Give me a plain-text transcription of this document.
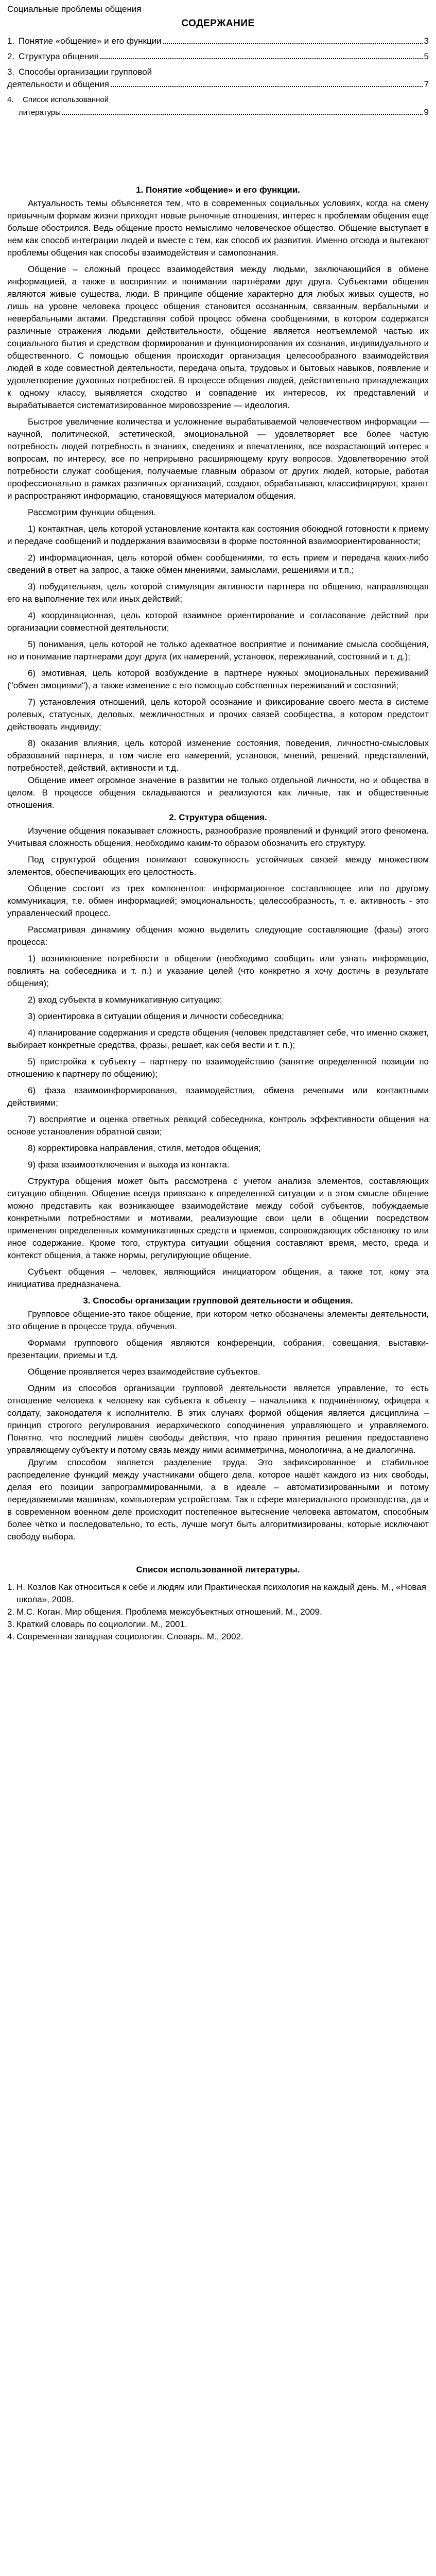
Социальные проблемы общения
СОДЕРЖАНИЕ
1. Понятие «общение» и его функции	3
2. Структура общения	5
3. Способы организации групповой
деятельности и общения	7
4.	Список использованной
литературы	9
1. Понятие «общение» и его функции.

Актуальность темы объясняется тем, что в современных социальных условиях, когда на смену привычным формам жизни приходят новые рыночные отношения, интерес к проблемам общения еще больше обострился. Ведь общение просто немыслимо человеческое общество. Общение выступает в нем как способ интеграции людей и вместе с тем, как способ их развития. Именно отсюда и вытекают проблемы общения как способы взаимодействия и самопознания.

Общение – сложный процесс взаимодействия между людьми, заключающийся в обмене информацией, а также в восприятии и понимании партнёрами друг друга. Субъектами общения являются живые существа, люди. В принципе общение характерно для любых живых существ, но лишь на уровне человека процесс общения становится осознанным, связанным вербальными и невербальными актами. Представляя собой процесс обмена сообщениями, в котором содержатся различные отражения людьми действительности, общение является неотъемлемой частью их социального бытия и средством формирования и функционирования их сознания, индивидуального и общественного. С помощью общения происходит организация целесообразного взаимодействия людей в ходе совместной деятельности, передача опыта, трудовых и бытовых навыков, появление и удовлетворение духовных потребностей. В процессе общения людей, действительно принадлежащих к одному классу, выявляется сходство и совпадение их интересов, их представлений и вырабатывается систематизированное мировоззрение — идеология.

Быстрое увеличение количества и усложнение вырабатываемой человечеством информации — научной, политической, эстетической, эмоциональной — удовлетворяет все более частую потребность людей потребность в знаниях, сведениях и впечатлениях, все возрастающий интерес к вопросам, по интересу, все по неприрывно расширяющему кругу вопросов. Удовлетворению этой потребности служат сообщения, получаемые главным образом от других людей, которые, работая профессионально в рамках различных организаций, создают, обрабатывают, классифицируют, хранят и распространяют информацию, становящуюся материалом общения.

Рассмотрим функции общения.

1) контактная, цель которой установление контакта как состояния обоюдной готовности к приему и передаче сообщений и поддержания взаимосвязи в форме постоянной взаимоориентированности;

2) информационная, цель которой обмен сообщениями, то есть прием и передача каких-либо сведений в ответ на запрос, а также обмен мнениями, замыслами, решениями и т.п.;

3) побудительная, цель которой стимуляция активности партнера по общению, направляющая его на выполнение тех или иных действий;

4) координационная, цель которой взаимное ориентирование и согласование действий при организации совместной деятельности;

5) понимания, цель которой не только адекватное восприятие и понимание смысла сообщения, но и понимание партнерами друг друга (их намерений, установок, переживаний, состояний и т. д.);

6) эмотивная, цель которой возбуждение в партнере нужных эмоциональных переживаний ("обмен эмоциями"), а также изменение с его помощью собственных переживаний и состояний;

7) установления отношений, цель которой осознание и фиксирование своего места в системе ролевых, статусных, деловых, межличностных и прочих связей сообщества, в котором предстоит действовать индивиду;

8) оказания влияния, цель которой изменение состояния, поведения, личностно-смысловых образований партнера, в том числе его намерений, установок, мнений, решений, представлений, потребностей, действий, активности и т.д.

Общение имеет огромное значение в развитии не только отдельной личности, но и общества в целом. В процессе общения складываются и реализуются как личные, так и общественные отношения.

2. Структура общения.

Изучение общения показывает сложность, разнообразие проявлений и функций этого феномена. Учитывая сложность общения, необходимо каким-то образом обозначить его структуру.

Под структурой общения понимают совокупность устойчивых связей между множеством элементов, обеспечивающих его целостность.

Общение состоит из трех компонентов: информационное составляющее или по другому коммуникация, т.е. обмен информацией; эмоциональность; целесообразность, т. е. активность - это управленческий процесс.

Рассматривая динамику общения можно выделить следующие составляющие (фазы) этого процесса:

1) возникновение потребности в общении (необходимо сообщить или узнать информацию, повлиять на собеседника и т. п.) и указание целей (что конкретно я хочу достичь в результате общения);

2) вход субъекта в коммуникативную ситуацию;

3) ориентировка в ситуации общения и личности собеседника;

4) планирование содержания и средств общения (человек представляет себе, что именно скажет, выбирает конкретные средства, фразы, решает, как себя вести и т. п.);

5) пристройка к субъекту – партнеру по взаимодействию (занятие определенной позиции по отношению к партнеру по общению);

6) фаза взаимоинформирования, взаимодействия, обмена речевыми или контактными действиями;

7) восприятие и оценка ответных реакций собеседника, контроль эффективности общения на основе установления обратной связи;

8) корректировка направления, стиля, методов общения;

9) фаза взаимоотключения и выхода из контакта.

Структура общения может быть рассмотрена с учетом анализа элементов, составляющих ситуацию общения. Общение всегда привязано к определенной ситуации и в этом смысле общение можно представить как возникающее взаимодействие между собой субъектов, побуждаемые конкретными потребностями и мотивами, реализующие свои цели в общении посредством применения определенных коммуникативных средств и приемов, сопровождающих обстановку то или иное содержание. Кроме того, структура ситуации общения составляют время, место, среда и контекст общения, а также нормы, регулирующие общение.

Субъект общения – человек, являющийся инициатором общения, а также тот, кому эта инициатива предназначена.

3. Способы организации групповой деятельности и общения.

Групповое общение-это такое общение, при котором четко обозначены элементы деятельности, это общение в процессе труда, обучения.

Формами группового общения являются конференции, собрания, совещания, выставки-презентации, приемы и т.д.

Общение проявляется через взаимодействие субъектов.

Одним из способов организации групповой деятельности является управление, то есть отношение человека к человеку как субъекта к объекту – начальника к подчинённому, офицера к солдату, законодателя к исполнителю. В этих случаях формой общения является дисциплина – принцип строгого регулирования иерархического соподчинения управляющего и управляемого. Понятно, что последний лишён свободы действия, что право принятия решения предоставлено управляющему субъекту и потому связь между ними асимметрична, монологична, а не диалогична.

Другим способом является разделение труда. Это зафиксированное и стабильное распределение функций между участниками общего дела, которое нашёт каждого из них свободы, делая его позиции запрограммированными, а в идеале – автоматизированными и потому передаваемыми машинам, компьютерам устройствам. Так к сфере материального производства, да и в современном военном деле происходит постепенное вытеснение человека автоматом, способным более чётко и последовательно, то есть, лучше могут быть алгоритмизированы, которые исключают свободу выбора.

Список использованной литературы.
1. Н. Козлов Как относиться к себе и людям или Практическая психология на каждый день. М., «Новая школа», 2008.
2. М.С. Коган. Мир общения. Проблема межсубъектных отношений. М., 2009.
3. Краткий словарь по социологии. М., 2001.
4. Современная западная социология. Словарь. М., 2002.
